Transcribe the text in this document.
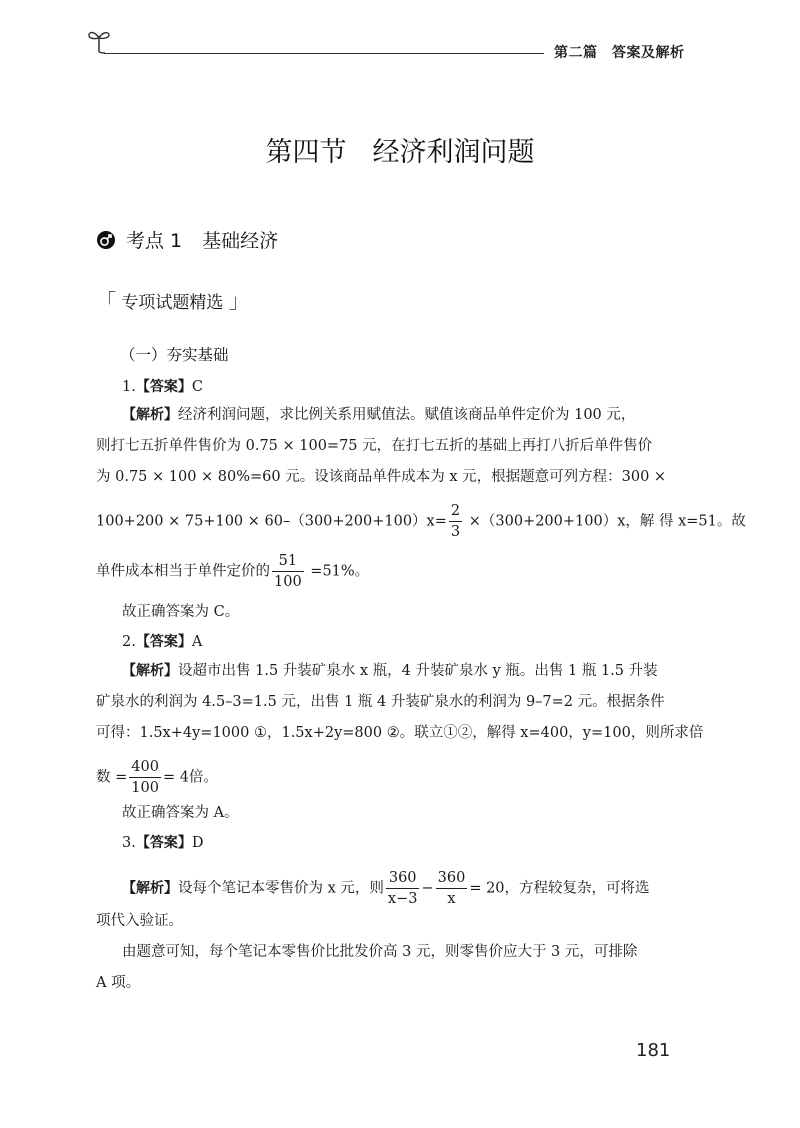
第二篇　答案及解析
第四节 经济利润问题
考点 1 基础经济
「 专项试题精选 」
（一）夯实基础
1.【答案】C
【解析】经济利润问题，求比例关系用赋值法。赋值该商品单件定价为 100 元，
则打七五折单件售价为 0.75 × 100=75 元，在打七五折的基础上再打八折后单件售价
为 0.75 × 100 × 80%=60 元。设该商品单件成本为 x 元，根据题意可列方程：300 ×
$100+200 \times 75+100 \times 60-(300+200+100)x= \frac{2}{3} \times(300+200+100)x$，解 得 x=51。故
单件成本相当于单件定价的 $\frac{51}{100} =51\%$。
故正确答案为 C。
2.【答案】A
【解析】设超市出售 1.5 升装矿泉水 x 瓶，4 升装矿泉水 y 瓶。出售 1 瓶 1.5 升装
矿泉水的利润为 4.5–3=1.5 元，出售 1 瓶 4 升装矿泉水的利润为 9–7=2 元。根据条件
可得：1.5x+4y=1000 ①，1.5x+2y=800 ②。联立①②，解得 x=400，y=100，则所求倍
数 = $\frac{400}{100} = 4$倍。
故正确答案为 A。
3.【答案】D
【解析】设每个笔记本零售价为 x 元，则 $\frac{360}{x-3} - \frac{360}{x} = 20$，方程较复杂，可将选
项代入验证。
由题意可知，每个笔记本零售价比批发价高 3 元，则零售价应大于 3 元，可排除
A 项。
181
